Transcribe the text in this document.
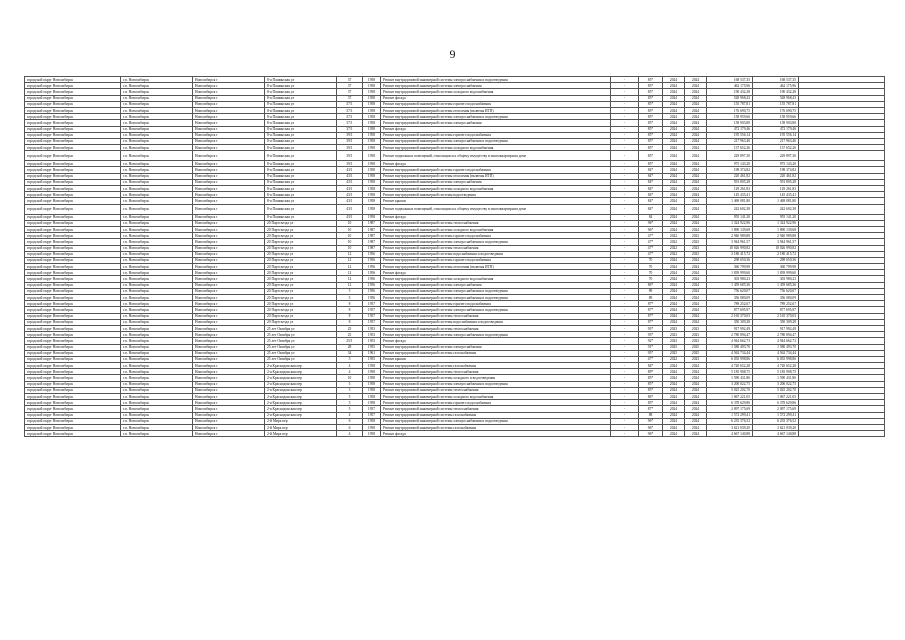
9
городской округ Новосибирск	г.п. Новосибирск	Новосибирск г	8-я Пашинская ул	37	1958	Ремонт внутридомовой инженерной системы электроснабжения и водоотведения	-	85*	2024	2024	168 537,35	168 537,35	
городской округ Новосибирск	г.п. Новосибирск	Новосибирск г	8-я Пашинская ул	37	1958	Ремонт внутридомовой инженерной системы электроснабжения	-	85*	2024	2024	462 175,96	462 175,96	
городской округ Новосибирск	г.п. Новосибирск	Новосибирск г	8-я Пашинская ул	37	1958	Ремонт внутридомовой инженерной системы холодного водоснабжения	-	85*	2024	2024	190 432,28	190 432,28	
городской округ Новосибирск	г.п. Новосибирск	Новосибирск г	8-я Пашинская ул	37	1958	Ремонт фасада	-	85*	2024	2024	528 968,43	528 968,43	
городской округ Новосибирск	г.п. Новосибирск	Новосибирск г	8-я Пашинская ул	37/1	1958	Ремонт внутридомовой инженерной системы горячего водоснабжения	-	85*	2024	2024	155 787,81	155 787,81	
городской округ Новосибирск	г.п. Новосибирск	Новосибирск г	8-я Пашинская ул	37/1	1958	Ремонт внутридомовой инженерной системы отопления (включая ИТП)	-	85*	2024	2024	176 690,75	176 690,75	
городской округ Новосибирск	г.п. Новосибирск	Новосибирск г	8-я Пашинская ул	37/1	1958	Ремонт внутридомовой инженерной системы электроснабжения и водоотведения	-	85*	2024	2024	158 959,66	158 959,66	
городской округ Новосибирск	г.п. Новосибирск	Новосибирск г	8-я Пашинская ул	37/1	1958	Ремонт внутридомовой инженерной системы электроснабжения	-	85*	2024	2024	158 903,80	158 903,80	
городской округ Новосибирск	г.п. Новосибирск	Новосибирск г	8-я Пашинская ул	37/1	1958	Ремонт фасада	-	85*	2024	2024	472 179,46	472 179,46	
городской округ Новосибирск	г.п. Новосибирск	Новосибирск г	8-я Пашинская ул	39/1	1958	Ремонт внутридомовой инженерной системы горячего водоснабжения	-	85*	2024	2024	195 556,14	195 556,14	
городской округ Новосибирск	г.п. Новосибирск	Новосибирск г	8-я Пашинская ул	39/1	1958	Ремонт внутридомовой инженерной системы электроснабжения и водоотведения	-	85*	2024	2024	217 963,46	217 963,46	
городской округ Новосибирск	г.п. Новосибирск	Новосибирск г	8-я Пашинская ул	39/1	1958	Ремонт внутридомовой инженерной системы холодного водоснабжения	-	85*	2024	2024	137 652,26	137 652,26	
городской округ Новосибирск	г.п. Новосибирск	Новосибирск г	8-я Пашинская ул	39/1	1958	Ремонт подвальных помещений, относящихся к общему имуществу в многоквартирном доме	-	85*	2024	2024	229 897,30	229 897,30	
городской округ Новосибирск	г.п. Новосибирск	Новосибирск г	8-я Пашинская ул	39/1	1958	Ремонт фасада	-	85*	2024	2024	975 143,20	975 143,20	
городской округ Новосибирск	г.п. Новосибирск	Новосибирск г	8-я Пашинская ул	43/1	1958	Ремонт внутридомовой инженерной системы горячего водоснабжения	-	84*	2024	2024	198 374,82	198 374,82	
городской округ Новосибирск	г.п. Новосибирск	Новосибирск г	8-я Пашинская ул	43/1	1958	Ремонт внутридомовой инженерной системы отопления (включая ИТП)	-	84*	2024	2024	220 461,82	220 461,82	
городской округ Новосибирск	г.п. Новосибирск	Новосибирск г	8-я Пашинская ул	43/1	1958	Ремонт внутридомовой инженерной системы электроснабжения	-	84*	2024	2024	591 805,28	591 805,28	
городской округ Новосибирск	г.п. Новосибирск	Новосибирск г	8-я Пашинская ул	43/1	1958	Ремонт внутридомовой инженерной системы холодного водоснабжения	-	84*	2024	2024	129 261,83	129 261,83	
городской округ Новосибирск	г.п. Новосибирск	Новосибирск г	8-я Пашинская ул	43/1	1958	Ремонт внутридомовой инженерной системы водоотведения	-	84*	2024	2024	145 435,41	145 435,41	
городской округ Новосибирск	г.п. Новосибирск	Новосибирск г	8-я Пашинская ул	43/1	1958	Ремонт крыши	-	84*	2024	2024	1 469 081,80	1 469 081,80	
городской округ Новосибирск	г.п. Новосибирск	Новосибирск г	8-я Пашинская ул	43/1	1958	Ремонт подвальных помещений, относящихся к общему имуществу в многоквартирном доме	-	84*	2024	2024	242 602,38	242 602,38	
городской округ Новосибирск	г.п. Новосибирск	Новосибирск г	8-я Пашинская ул	43/1	1958	Ремонт фасада	-	84	2024	2024	955 141,20	955 141,20	
городской округ Новосибирск	г.п. Новосибирск	Новосибирск г	20 Партсъезда ул	10	1987	Ремонт внутридомовой инженерной системы теплоснабжения	-	96*	2024	2024	1 324 922,96	1 324 922,96	
городской округ Новосибирск	г.п. Новосибирск	Новосибирск г	20 Партсъезда ул	10	1987	Ремонт внутридомовой инженерной системы холодного водоснабжения	-	96*	2024	2024	1 890 139,68	1 890 139,68	
городской округ Новосибирск	г.п. Новосибирск	Новосибирск г	20 Партсъезда ул	10	1987	Ремонт внутридомовой инженерной системы горячего водоснабжения	-	47*	2022	2023	2 940 989,88	2 940 989,88	
городской округ Новосибирск	г.п. Новосибирск	Новосибирск г	20 Партсъезда ул	10	1987	Ремонт внутридомовой инженерной системы электроснабжения и водоотведения	-	47*	2022	2023	3 944 961,57	3 944 961,57	
городской округ Новосибирск	г.п. Новосибирск	Новосибирск г	20 Партсъезда ул	10	1987	Ремонт внутридомовой инженерной системы теплоснабжения	-	47*	2022	2023	10 026 990,82	10 026 990,82	
городской округ Новосибирск	г.п. Новосибирск	Новосибирск г	20 Партсъезда ул	12	1956	Ремонт внутридомовой инженерной системы водоснабжения и водоотведения	-	47*	2022	2023	2 180 415,72	2 180 415,72	
городской округ Новосибирск	г.п. Новосибирск	Новосибирск г	20 Партсъезда ул	12	1956	Ремонт внутридомовой инженерной системы горячего водоснабжения	-	70	2024	2024	298 650,36	298 650,36	
городской округ Новосибирск	г.п. Новосибирск	Новосибирск г	20 Партсъезда ул	12	1956	Ремонт внутридомовой инженерной системы отопления (включая ИТП)	-	70	2024	2024	360 799,98	360 799,98	
городской округ Новосибирск	г.п. Новосибирск	Новосибирск г	20 Партсъезда ул	12	1956	Ремонт фасада	-	70	2024	2024	1 839 999,60	1 839 999,60	
городской округ Новосибирск	г.п. Новосибирск	Новосибирск г	20 Партсъезда ул	12	1956	Ремонт внутридомовой инженерной системы холодного водоснабжения	-	70	2024	2024	303 980,23	303 980,23	
городской округ Новосибирск	г.п. Новосибирск	Новосибирск г	20 Партсъезда ул	12	1956	Ремонт внутридомовой инженерной системы электроснабжения	-	86*	2024	2024	1 459 685,36	1 459 685,36	
городской округ Новосибирск	г.п. Новосибирск	Новосибирск г	20 Партсъезда ул	5	1956	Ремонт внутридомовой инженерной системы электроснабжения и водоотведения	-	89	2024	2024	756 620,07	756 620,07	
городской округ Новосибирск	г.п. Новосибирск	Новосибирск г	20 Партсъезда ул	5	1956	Ремонт внутридомовой инженерной системы электроснабжения и водоотведения	-	89	2024	2024	356 080,09	356 080,09	
городской округ Новосибирск	г.п. Новосибирск	Новосибирск г	20 Партсъезда ул	8	1957	Ремонт внутридомовой инженерной системы горячего водоснабжения	-	87*	2024	2024	789 252,67	789 252,67	
городской округ Новосибирск	г.п. Новосибирск	Новосибирск г	20 Партсъезда ул	8	1957	Ремонт внутридомовой инженерной системы электроснабжения и водоотведения	-	87*	2024	2024	877 695,97	877 695,97	
городской округ Новосибирск	г.п. Новосибирск	Новосибирск г	20 Партсъезда ул	8	1957	Ремонт внутридомовой инженерной системы теплоснабжения	-	87*	2024	2024	2 165 370,03	2 165 370,03	
городской округ Новосибирск	г.п. Новосибирск	Новосибирск г	20 Партсъезда ул	8	1957	Ремонт внутридомовой инженерной системы водоснабжения и водоотведения	-	87*	2024	2024	350 309,28	350 309,28	
городской округ Новосибирск	г.п. Новосибирск	Новосибирск г	25 лет Октября ул	25	1953	Ремонт внутридомовой инженерной системы теплоснабжения	-	93*	2023	2023	917 992,49	917 992,49	
городской округ Новосибирск	г.п. Новосибирск	Новосибирск г	25 лет Октября ул	25	1953	Ремонт внутридомовой инженерной системы электроснабжения и водоотведения	-	93*	2023	2023	2 780 894,47	2 780 894,47	
городской округ Новосибирск	г.п. Новосибирск	Новосибирск г	25 лет Октября ул	25/1	1953	Ремонт фасада	-	92*	2023	2023	4 944 662,73	4 944 662,73	
городской округ Новосибирск	г.п. Новосибирск	Новосибирск г	25 лет Октября ул	28	1955	Ремонт внутридомовой инженерной системы электроснабжения	-	91*	2025	2025	1 580 493,70	1 580 493,70	
городской округ Новосибирск	г.п. Новосибирск	Новосибирск г	25 лет Октября ул	34	1961	Ремонт внутридомовой инженерной системы газоснабжения	-	95*	2025	2025	4 562 734,44	4 562 734,44	
городской округ Новосибирск	г.п. Новосибирск	Новосибирск г	25 лет Октября ул	5	1955	Ремонт крыши	-	47*	2022	2023	6 035 998,86	6 035 998,86	
городской округ Новосибирск	г.п. Новосибирск	Новосибирск г	2-я Краснодонская пер	4	1958	Ремонт внутридомовой инженерной системы газоснабжения	-	84*	2024	2024	4 720 652,28	4 720 652,28	
городской округ Новосибирск	г.п. Новосибирск	Новосибирск г	2-я Краснодонская пер	4	1958	Ремонт внутридомовой инженерной системы теплоснабжения	-	89*	2024	2024	5 185 908,75	5 185 908,75	
городской округ Новосибирск	г.п. Новосибирск	Новосибирск г	2-я Краснодонская пер	10	1958	Ремонт внутридомовой инженерной системы холодного и водоотведения	-	85*	2024	2024	1 590 431,86	1 590 431,86	
городской округ Новосибирск	г.п. Новосибирск	Новосибирск г	2-я Краснодонская пер	3	1958	Ремонт внутридомовой инженерной системы электроснабжения и водоотведения	-	85*	2024	2024	3 200 022,75	3 200 022,75	
городской округ Новосибирск	г.п. Новосибирск	Новосибирск г	2-я Краснодонская пер	3	1958	Ремонт внутридомовой инженерной системы теплоснабжения	-	85*	2024	2024	5 025 202,70	5 025 202,70	
городской округ Новосибирск	г.п. Новосибирск	Новосибирск г	2-я Краснодонская пер	5	1958	Ремонт внутридомовой инженерной системы холодного водоснабжения	-	86*	2024	2024	1 067 221,05	1 067 221,05	
городской округ Новосибирск	г.п. Новосибирск	Новосибирск г	2-я Краснодонская пер	5	1958	Ремонт внутридомовой инженерной системы горячего водоснабжения	-	85*	2024	2024	6 378 629,86	6 378 629,86	
городской округ Новосибирск	г.п. Новосибирск	Новосибирск г	2-я Краснодонская пер	5	1957	Ремонт внутридомовой инженерной системы теплоснабжения	-	87*	2024	2024	2 097 175,69	2 097 175,69	
городской округ Новосибирск	г.п. Новосибирск	Новосибирск г	2-я Краснодонская пер	4	1957	Ремонт внутридомовой инженерной системы газоснабжения	-	88	2024	2024	1 572 299,41	1 572 299,41	
городской округ Новосибирск	г.п. Новосибирск	Новосибирск г	2-й Мира пер	6	1958	Ремонт внутридомовой инженерной системы электроснабжения и водоотведения	-	96*	2024	2024	6 235 376,52	6 235 376,52	
городской округ Новосибирск	г.п. Новосибирск	Новосибирск г	2-й Мира пер	6	1958	Ремонт внутридомовой инженерной системы газоснабжения	-	96*	2024	2024	3 621 039,20	3 621 039,20	
городской округ Новосибирск	г.п. Новосибирск	Новосибирск г	2-й Мира пер	4	1958	Ремонт фасада	-	96*	2024	2024	4 667 140,88	4 667 140,88	
